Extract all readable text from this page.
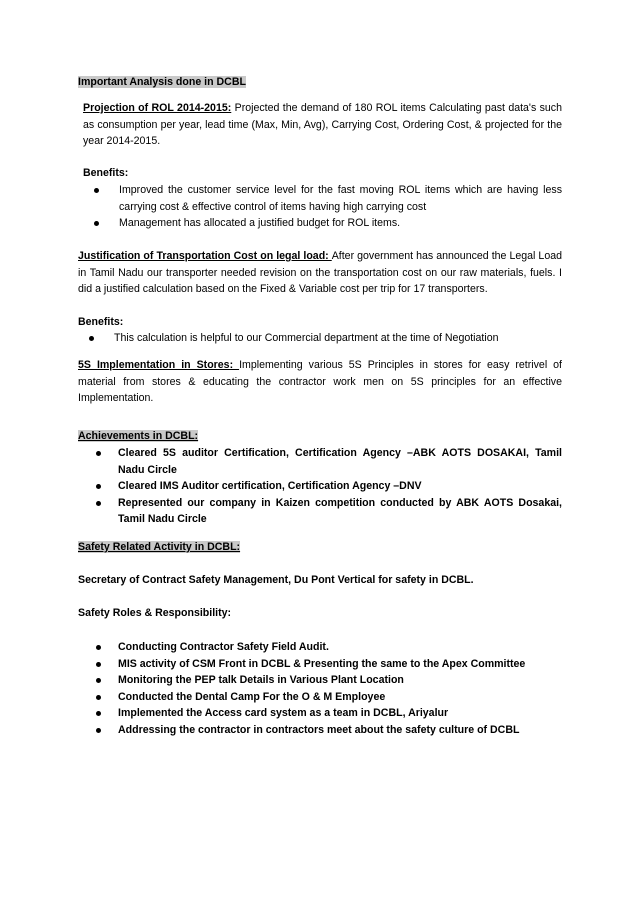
Important Analysis done in DCBL
Projection of ROL 2014-2015: Projected the demand of 180 ROL items Calculating past data's such as consumption per year, lead time (Max, Min, Avg), Carrying Cost, Ordering Cost, & projected for the year 2014-2015.
Benefits:
Improved the customer service level for the fast moving ROL items which are having less carrying cost & effective control of items having high carrying cost
Management has allocated a justified budget for ROL items.
Justification of Transportation Cost on legal load: After government has announced the Legal Load in Tamil Nadu our transporter needed revision on the transportation cost on our raw materials, fuels. I did a justified calculation based on the Fixed & Variable cost per trip for 17 transporters.
Benefits:
This calculation is helpful to our Commercial department at the time of Negotiation
5S Implementation in Stores: Implementing various 5S Principles in stores for easy retrivel of material from stores & educating the contractor work men on 5S principles for an effective Implementation.
Achievements in DCBL:
Cleared 5S auditor Certification, Certification Agency –ABK AOTS DOSAKAI, Tamil Nadu Circle
Cleared IMS Auditor certification, Certification Agency –DNV
Represented our company in Kaizen competition conducted by ABK AOTS Dosakai, Tamil Nadu Circle
Safety Related Activity in DCBL:
Secretary of Contract Safety Management, Du Pont Vertical for safety in DCBL.
Safety Roles & Responsibility:
Conducting Contractor Safety Field Audit.
MIS activity of CSM Front in DCBL & Presenting the same to the Apex Committee
Monitoring the PEP talk Details in Various Plant Location
Conducted the Dental Camp For the O & M Employee
Implemented the Access card system as a team in DCBL, Ariyalur
Addressing the contractor in contractors meet about the safety culture of DCBL
